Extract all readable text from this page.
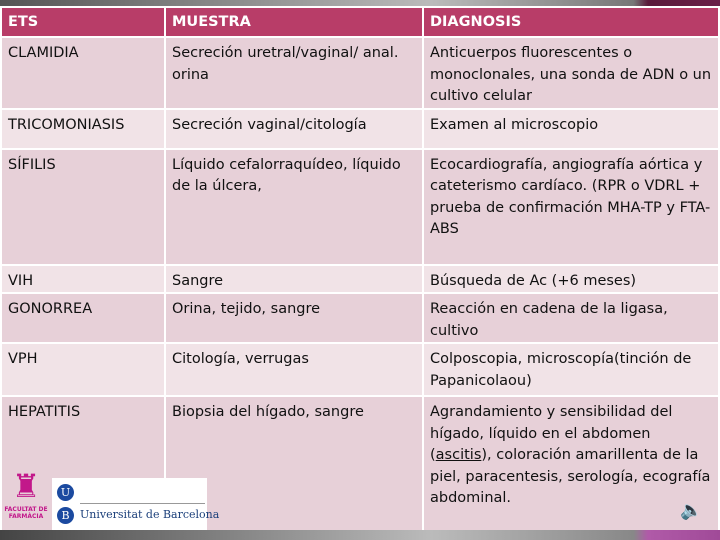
ETS	MUESTRA	DIAGNOSIS
CLAMIDIA	Secreción uretral/vaginal/ anal. orina	Anticuerpos fluorescentes o monoclonales, una sonda de ADN o un cultivo celular
TRICOMONIASIS	Secreción vaginal/citología	Examen al microscopio
SÍFILIS	Líquido cefalorraquídeo, líquido de la úlcera,	Ecocardiografía, angiografía aórtica y cateterismo cardíaco. (RPR o VDRL + prueba de confirmación MHA-TP y FTA-ABS
VIH	Sangre	Búsqueda de Ac (+6 meses)
GONORREA	Orina, tejido, sangre	Reacción en cadena de la ligasa, cultivo
VPH	Citología, verrugas	Colposcopia, microscopía(tinción de Papanicolaou)
HEPATITIS	Biopsia del hígado, sangre	Agrandamiento y sensibilidad del hígado, líquido en el abdomen (ascitis), coloración amarillenta de la piel, paracentesis, serología, ecografía abdominal.
♜
FACULTAT DE FARMÀCIA
U
B Universitat de Barcelona	🔈
